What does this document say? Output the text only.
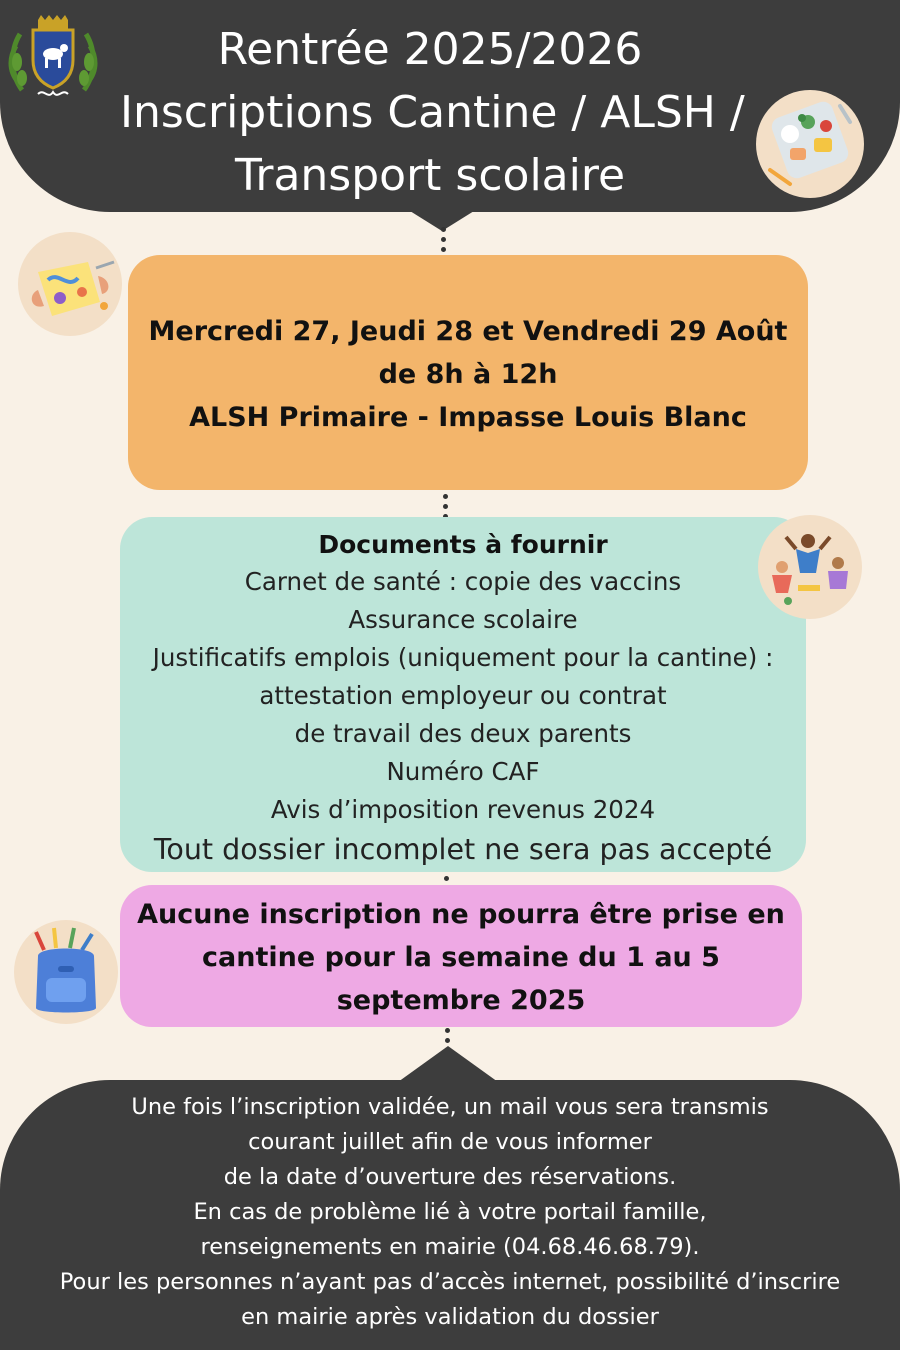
Rentrée 2025/2026
Inscriptions Cantine / ALSH /
Transport scolaire
Mercredi 27, Jeudi 28 et Vendredi 29 Août
de 8h à 12h
ALSH Primaire - Impasse Louis Blanc
Documents à fournir
Carnet de santé : copie des vaccins
Assurance scolaire
Justificatifs emplois (uniquement pour la cantine) :
attestation employeur ou contrat
de travail des deux parents
Numéro CAF
Avis d’imposition revenus 2024
Tout dossier incomplet ne sera pas accepté
Aucune inscription ne pourra être prise en
cantine pour la semaine du 1 au 5
septembre 2025
Une fois l’inscription validée, un mail vous sera transmis
courant juillet afin de vous informer
de la date d’ouverture des réservations.
En cas de problème lié à votre portail famille,
renseignements en mairie (04.68.46.68.79).
Pour les personnes n’ayant pas d’accès internet, possibilité d’inscrire
en mairie après validation du dossier
